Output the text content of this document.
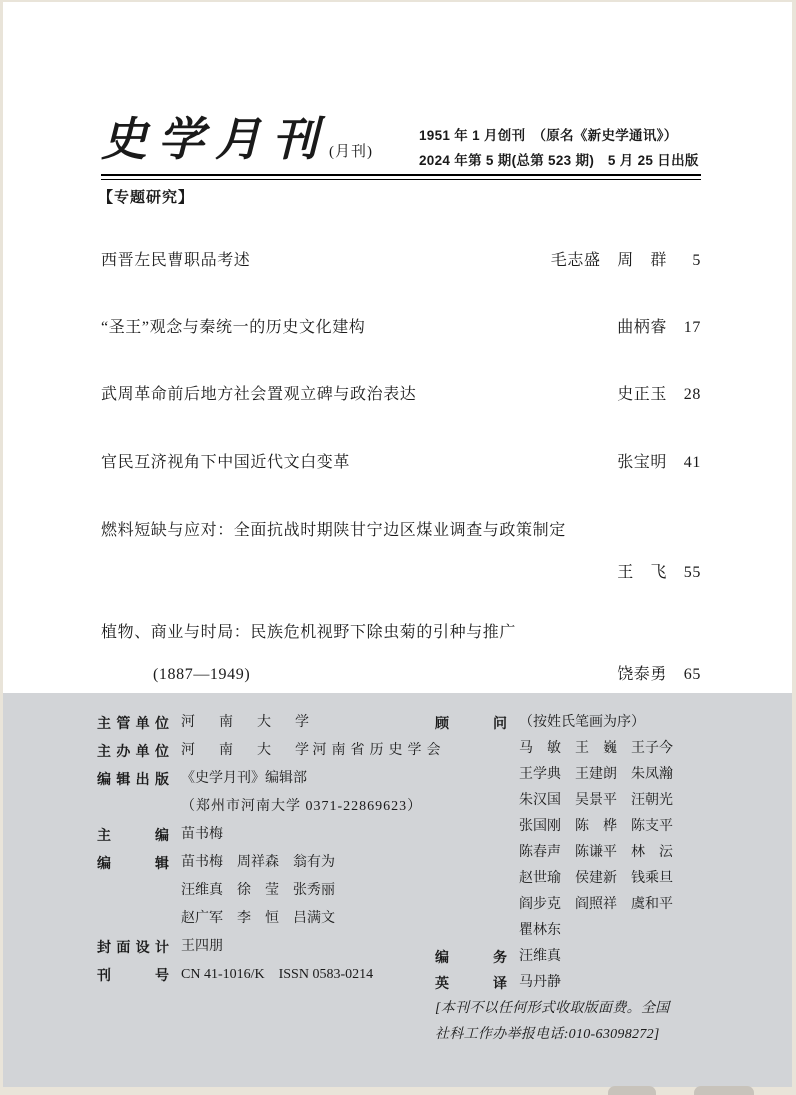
史学月刊 (月刊)
1951 年 1 月创刊　（原名《新史学通讯》）
2024 年第 5 期(总第 523 期)　5 月 25 日出版
【专题研究】
西晋左民曹职品考述	毛志盛　周　群	5
“圣王”观念与秦统一的历史文化建构	曲柄睿 17
武周革命前后地方社会置观立碑与政治表达	史正玉 28
官民互济视角下中国近代文白变革	张宝明 41
燃料短缺与应对：全面抗战时期陕甘宁边区煤业调查与政策制定
王　飞 55
植物、商业与时局：民族危机视野下除虫菊的引种与推广
(1887—1949)	饶泰勇 65
主管单位 河　南　大　学
主办单位 河　南　大　学 河南省历史学会
编辑出版 《史学月刊》编辑部
（郑州市河南大学 0371-22869623）
主编 苗书梅
编辑 苗书梅　周祥森　翁有为
汪维真　徐　莹　张秀丽
赵广军　李　恒　吕满文
封面设计 王四朋
刊号 CN 41-1016/K　ISSN 0583-0214
顾问 （按姓氏笔画为序）
马　敏　王　巍　王子今
王学典　王建朗　朱凤瀚
朱汉国　吴景平　汪朝光
张国刚　陈　桦　陈支平
陈春声　陈谦平　林　沄
赵世瑜　侯建新　钱乘旦
阎步克　阎照祥　虞和平
瞿林东
编务 汪维真
英译 马丹静
[本刊不以任何形式收取版面费。全国
社科工作办举报电话:010-63098272]
